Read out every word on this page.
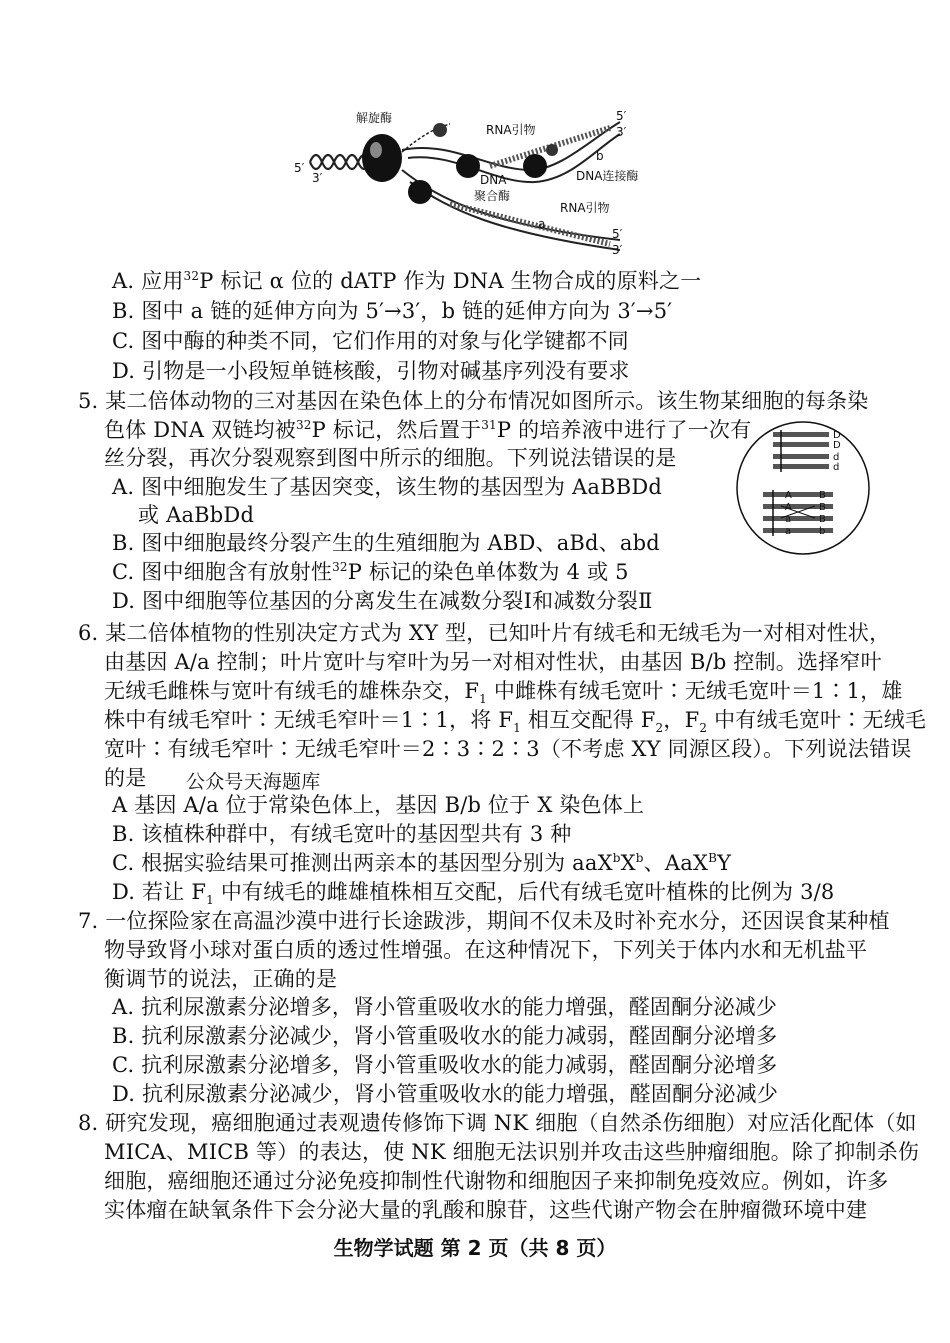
解旋酶
RNA引物
DNA
聚合酶
RNA引物
DNA连接酶
a
b
5′
3′
5′
3′
5′
3′
A. 应用$^{32}$P 标记 α 位的 dATP 作为 DNA 生物合成的原料之一
B. 图中 a 链的延伸方向为 5′→3′，b 链的延伸方向为 3′→5′
C. 图中酶的种类不同，它们作用的对象与化学键都不同
D. 引物是一小段短单链核酸，引物对碱基序列没有要求
5. 某二倍体动物的三对基因在染色体上的分布情况如图所示。该生物某细胞的每条染
色体 DNA 双链均被$^{32}$P 标记，然后置于$^{31}$P 的培养液中进行了一次有
丝分裂，再次分裂观察到图中所示的细胞。下列说法错误的是
A. 图中细胞发生了基因突变，该生物的基因型为 AaBBDd
或 AaBbDd
B. 图中细胞最终分裂产生的生殖细胞为 ABD、aBd、abd
C. 图中细胞含有放射性$^{32}$P 标记的染色单体数为 4 或 5
D. 图中细胞等位基因的分离发生在减数分裂Ⅰ和减数分裂Ⅱ
D
D
d
d
A	B
A	B
a	B
a	b
6. 某二倍体植物的性别决定方式为 XY 型，已知叶片有绒毛和无绒毛为一对相对性状，
由基因 A/a 控制；叶片宽叶与窄叶为另一对相对性状，由基因 B/b 控制。选择窄叶
无绒毛雌株与宽叶有绒毛的雄株杂交，$F_1$ 中雌株有绒毛宽叶∶无绒毛宽叶＝1∶1，雄
株中有绒毛窄叶∶无绒毛窄叶＝1∶1，将 $F_1$ 相互交配得 $F_2$，$F_2$ 中有绒毛宽叶∶无绒毛
宽叶∶有绒毛窄叶∶无绒毛窄叶＝2∶3∶2∶3（不考虑 XY 同源区段）。下列说法错误
的是 公众号天海题库
A 基因 A/a 位于常染色体上，基因 B/b 位于 X 染色体上
B. 该植株种群中，有绒毛宽叶的基因型共有 3 种
C. 根据实验结果可推测出两亲本的基因型分别为 $aaX^bX^b$、AaX$^B$Y
D. 若让 $F_1$ 中有绒毛的雌雄植株相互交配，后代有绒毛宽叶植株的比例为 3/8
7. 一位探险家在高温沙漠中进行长途跋涉，期间不仅未及时补充水分，还因误食某种植
物导致肾小球对蛋白质的透过性增强。在这种情况下，下列关于体内水和无机盐平
衡调节的说法，正确的是
A. 抗利尿激素分泌增多，肾小管重吸收水的能力增强，醛固酮分泌减少
B. 抗利尿激素分泌减少，肾小管重吸收水的能力减弱，醛固酮分泌增多
C. 抗利尿激素分泌增多，肾小管重吸收水的能力减弱，醛固酮分泌增多
D. 抗利尿激素分泌减少，肾小管重吸收水的能力增强，醛固酮分泌减少
8. 研究发现，癌细胞通过表观遗传修饰下调 NK 细胞（自然杀伤细胞）对应活化配体（如
MICA、MICB 等）的表达，使 NK 细胞无法识别并攻击这些肿瘤细胞。除了抑制杀伤
细胞，癌细胞还通过分泌免疫抑制性代谢物和细胞因子来抑制免疫效应。例如，许多
实体瘤在缺氧条件下会分泌大量的乳酸和腺苷，这些代谢产物会在肿瘤微环境中建
生物学试题 第 2 页（共 8 页）
